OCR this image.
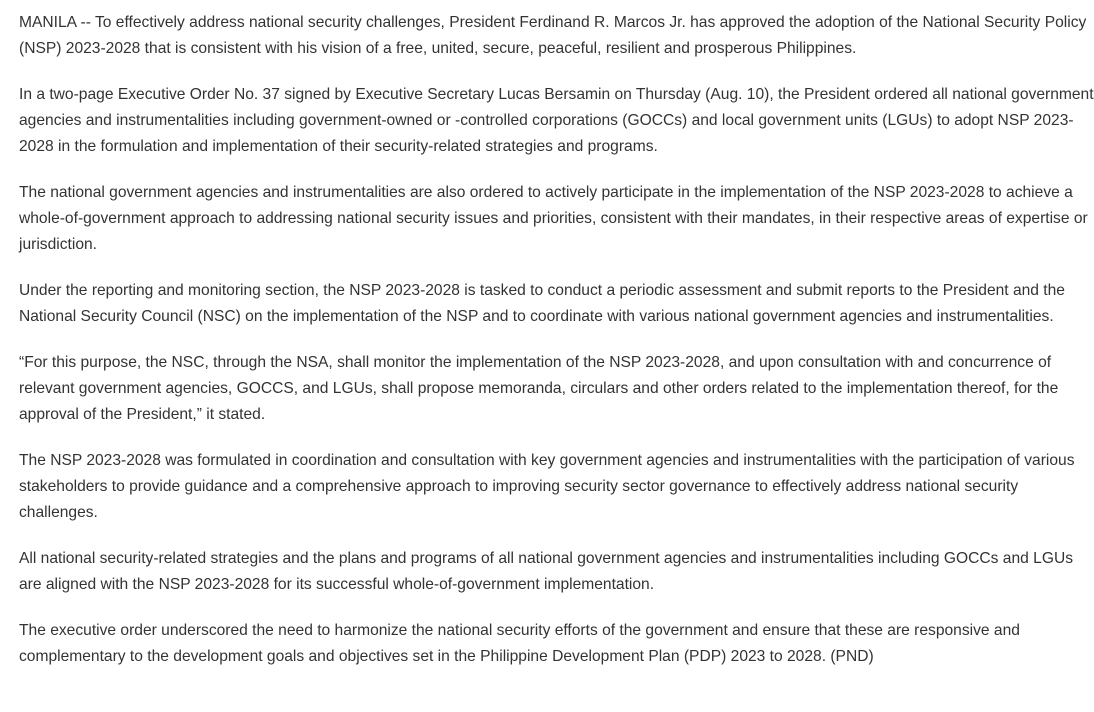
MANILA -- To effectively address national security challenges, President Ferdinand R. Marcos Jr. has approved the adoption of the National Security Policy (NSP) 2023-2028 that is consistent with his vision of a free, united, secure, peaceful, resilient and prosperous Philippines.

In a two-page Executive Order No. 37 signed by Executive Secretary Lucas Bersamin on Thursday (Aug. 10), the President ordered all national government agencies and instrumentalities including government-owned or -controlled corporations (GOCCs) and local government units (LGUs) to adopt NSP 2023-2028 in the formulation and implementation of their security-related strategies and programs.

The national government agencies and instrumentalities are also ordered to actively participate in the implementation of the NSP 2023-2028 to achieve a whole-of-government approach to addressing national security issues and priorities, consistent with their mandates, in their respective areas of expertise or jurisdiction.

Under the reporting and monitoring section, the NSP 2023-2028 is tasked to conduct a periodic assessment and submit reports to the President and the National Security Council (NSC) on the implementation of the NSP and to coordinate with various national government agencies and instrumentalities.

“For this purpose, the NSC, through the NSA, shall monitor the implementation of the NSP 2023-2028, and upon consultation with and concurrence of relevant government agencies, GOCCS, and LGUs, shall propose memoranda, circulars and other orders related to the implementation thereof, for the approval of the President,” it stated.

The NSP 2023-2028 was formulated in coordination and consultation with key government agencies and instrumentalities with the participation of various stakeholders to provide guidance and a comprehensive approach to improving security sector governance to effectively address national security challenges.

All national security-related strategies and the plans and programs of all national government agencies and instrumentalities including GOCCs and LGUs are aligned with the NSP 2023-2028 for its successful whole-of-government implementation.

The executive order underscored the need to harmonize the national security efforts of the government and ensure that these are responsive and complementary to the development goals and objectives set in the Philippine Development Plan (PDP) 2023 to 2028. (PND)
